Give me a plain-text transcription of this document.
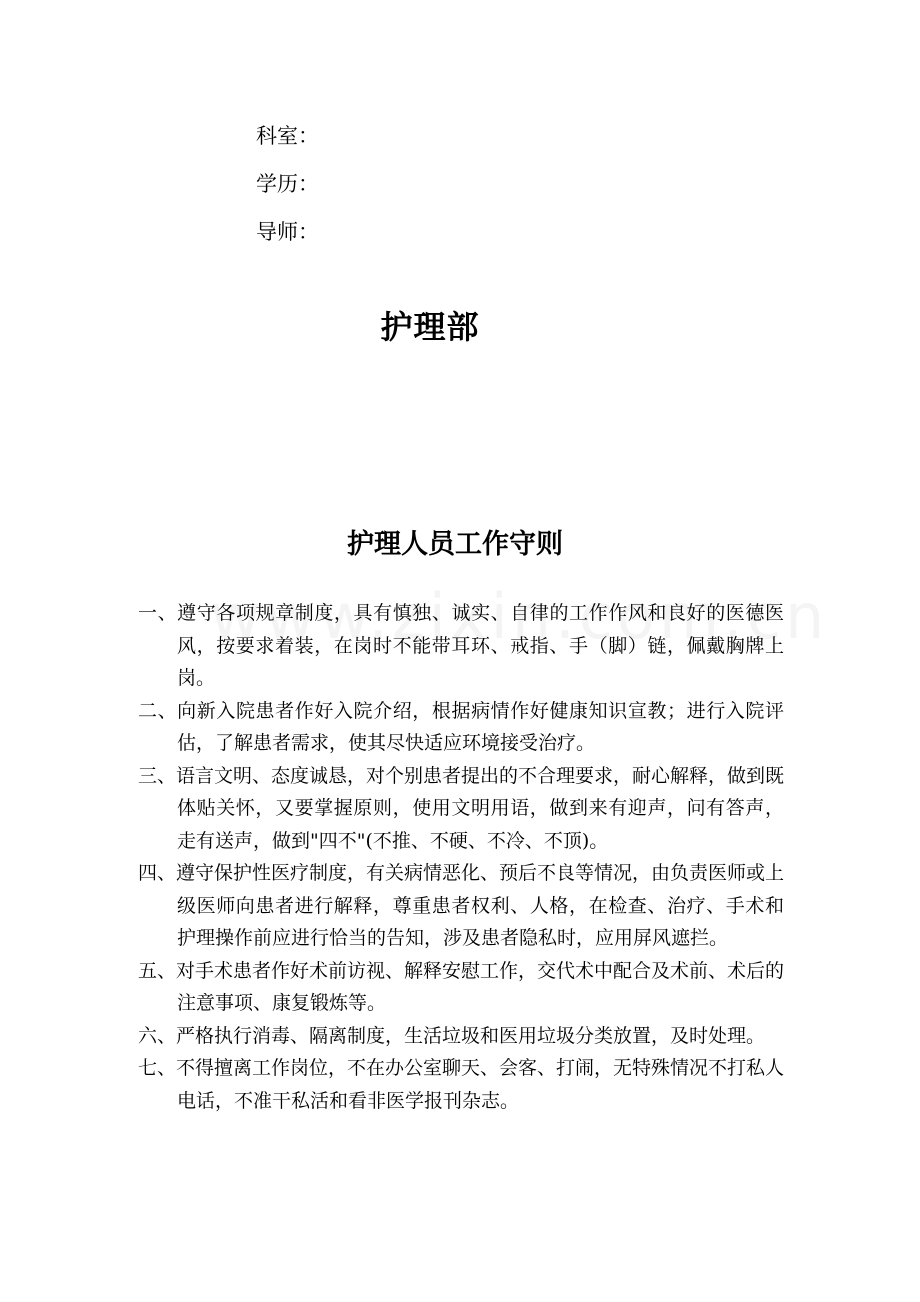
科室：
学历：
导师：
护理部
护理人员工作守则
一、遵守各项规章制度，具有慎独、诚实、自律的工作作风和良好的医德医风，按要求着装，在岗时不能带耳环、戒指、手（脚）链，佩戴胸牌上岗。
二、向新入院患者作好入院介绍，根据病情作好健康知识宣教；进行入院评估，了解患者需求，使其尽快适应环境接受治疗。
三、语言文明、态度诚恳，对个别患者提出的不合理要求，耐心解释，做到既体贴关怀，又要掌握原则，使用文明用语，做到来有迎声，问有答声，走有送声，做到"四不"(不推、不硬、不冷、不顶)。
四、遵守保护性医疗制度，有关病情恶化、预后不良等情况，由负责医师或上级医师向患者进行解释，尊重患者权利、人格，在检查、治疗、手术和护理操作前应进行恰当的告知，涉及患者隐私时，应用屏风遮拦。
五、对手术患者作好术前访视、解释安慰工作，交代术中配合及术前、术后的注意事项、康复锻炼等。
六、严格执行消毒、隔离制度，生活垃圾和医用垃圾分类放置，及时处理。
七、不得擅离工作岗位，不在办公室聊天、会客、打闹，无特殊情况不打私人电话，不准干私活和看非医学报刊杂志。
